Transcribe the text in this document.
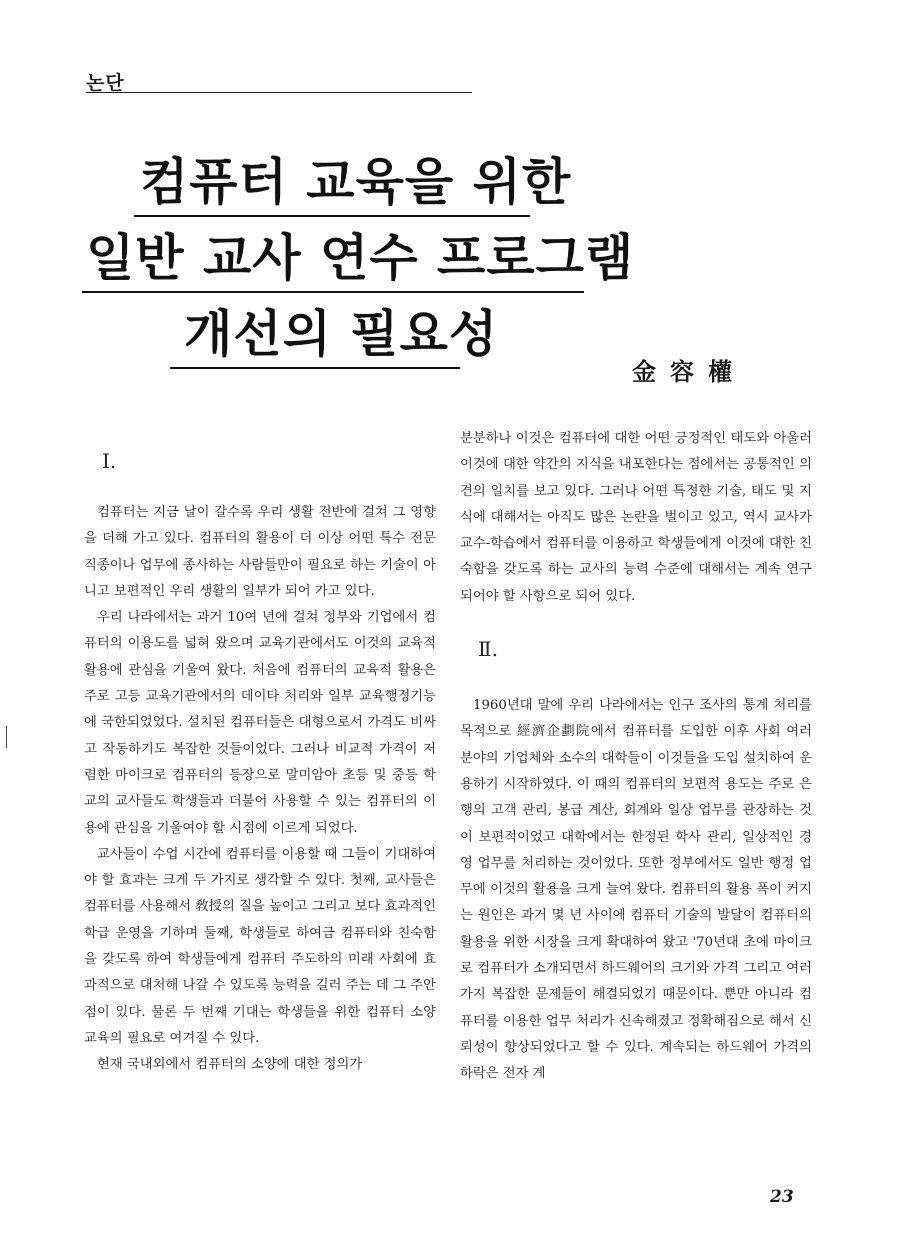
논단
컴퓨터 교육을 위한
일반 교사 연수 프로그램
개선의 필요성
金容權
Ⅰ.

컴퓨터는 지금 날이 갈수록 우리 생활 전반에 걸쳐 그 영향을 더해 가고 있다. 컴퓨터의 활용이 더 이상 어떤 특수 전문 직종이나 업무에 종사하는 사람들만이 필요로 하는 기술이 아니고 보편적인 우리 생활의 일부가 되어 가고 있다.

우리 나라에서는 과거 10여 년에 걸쳐 정부와 기업에서 컴퓨터의 이용도를 넓혀 왔으며 교육기관에서도 이것의 교육적 활용에 관심을 기울여 왔다. 처음에 컴퓨터의 교육적 활용은 주로 고등 교육기관에서의 데이타 처리와 일부 교육행정기능에 국한되었었다. 설치된 컴퓨터들은 대형으로서 가격도 비싸고 작동하기도 복잡한 것들이었다. 그러나 비교적 가격이 저렴한 마이크로 컴퓨터의 등장으로 말미암아 초등 및 중등 학교의 교사들도 학생들과 더불어 사용할 수 있는 컴퓨터의 이용에 관심을 기울여야 할 시점에 이르게 되었다.

교사들이 수업 시간에 컴퓨터를 이용할 때 그들이 기대하여야 할 효과는 크게 두 가지로 생각할 수 있다. 첫째, 교사들은 컴퓨터를 사용해서 敎授의 질을 높이고 그리고 보다 효과적인 학급 운영을 기하며 둘째, 학생들로 하여금 컴퓨터와 친숙함을 갖도록 하여 학생들에게 컴퓨터 주도하의 미래 사회에 효과적으로 대처해 나갈 수 있도록 능력을 길러 주는 데 그 주안점이 있다. 물론 두 번째 기대는 학생들을 위한 컴퓨터 소양 교육의 필요로 여겨질 수 있다.

현재 국내외에서 컴퓨터의 소양에 대한 정의가

분분하나 이것은 컴퓨터에 대한 어떤 긍정적인 태도와 아울러 이것에 대한 약간의 지식을 내포한다는 점에서는 공통적인 의견의 일치를 보고 있다. 그러나 어떤 특정한 기술, 태도 및 지식에 대해서는 아직도 많은 논란을 벌이고 있고, 역시 교사가 교수-학습에서 컴퓨터를 이용하고 학생들에게 이것에 대한 친숙함을 갖도록 하는 교사의 능력 수준에 대해서는 계속 연구되어야 할 사항으로 되어 있다.

Ⅱ.

1960년대 말에 우리 나라에서는 인구 조사의 통계 처리를 목적으로 經濟企劃院에서 컴퓨터를 도입한 이후 사회 여러 분야의 기업체와 소수의 대학들이 이것들을 도입 설치하여 운용하기 시작하였다. 이 때의 컴퓨터의 보편적 용도는 주로 은행의 고객 관리, 봉급 계산, 회계와 일상 업무를 관장하는 것이 보편적이었고 대학에서는 한정된 학사 관리, 일상적인 경영 업무를 처리하는 것이었다. 또한 정부에서도 일반 행정 업무에 이것의 활용을 크게 늘여 왔다. 컴퓨터의 활용 폭이 커지는 원인은 과거 몇 년 사이에 컴퓨터 기술의 발달이 컴퓨터의 활용을 위한 시장을 크게 확대하여 왔고 '70년대 초에 마이크로 컴퓨터가 소개되면서 하드웨어의 크기와 가격 그리고 여러 가지 복잡한 문제들이 해결되었기 때문이다. 뿐만 아니라 컴퓨터를 이용한 업무 처리가 신속해졌고 정확해짐으로 해서 신뢰성이 향상되었다고 할 수 있다. 계속되는 하드웨어 가격의 하락은 전자 계

23
